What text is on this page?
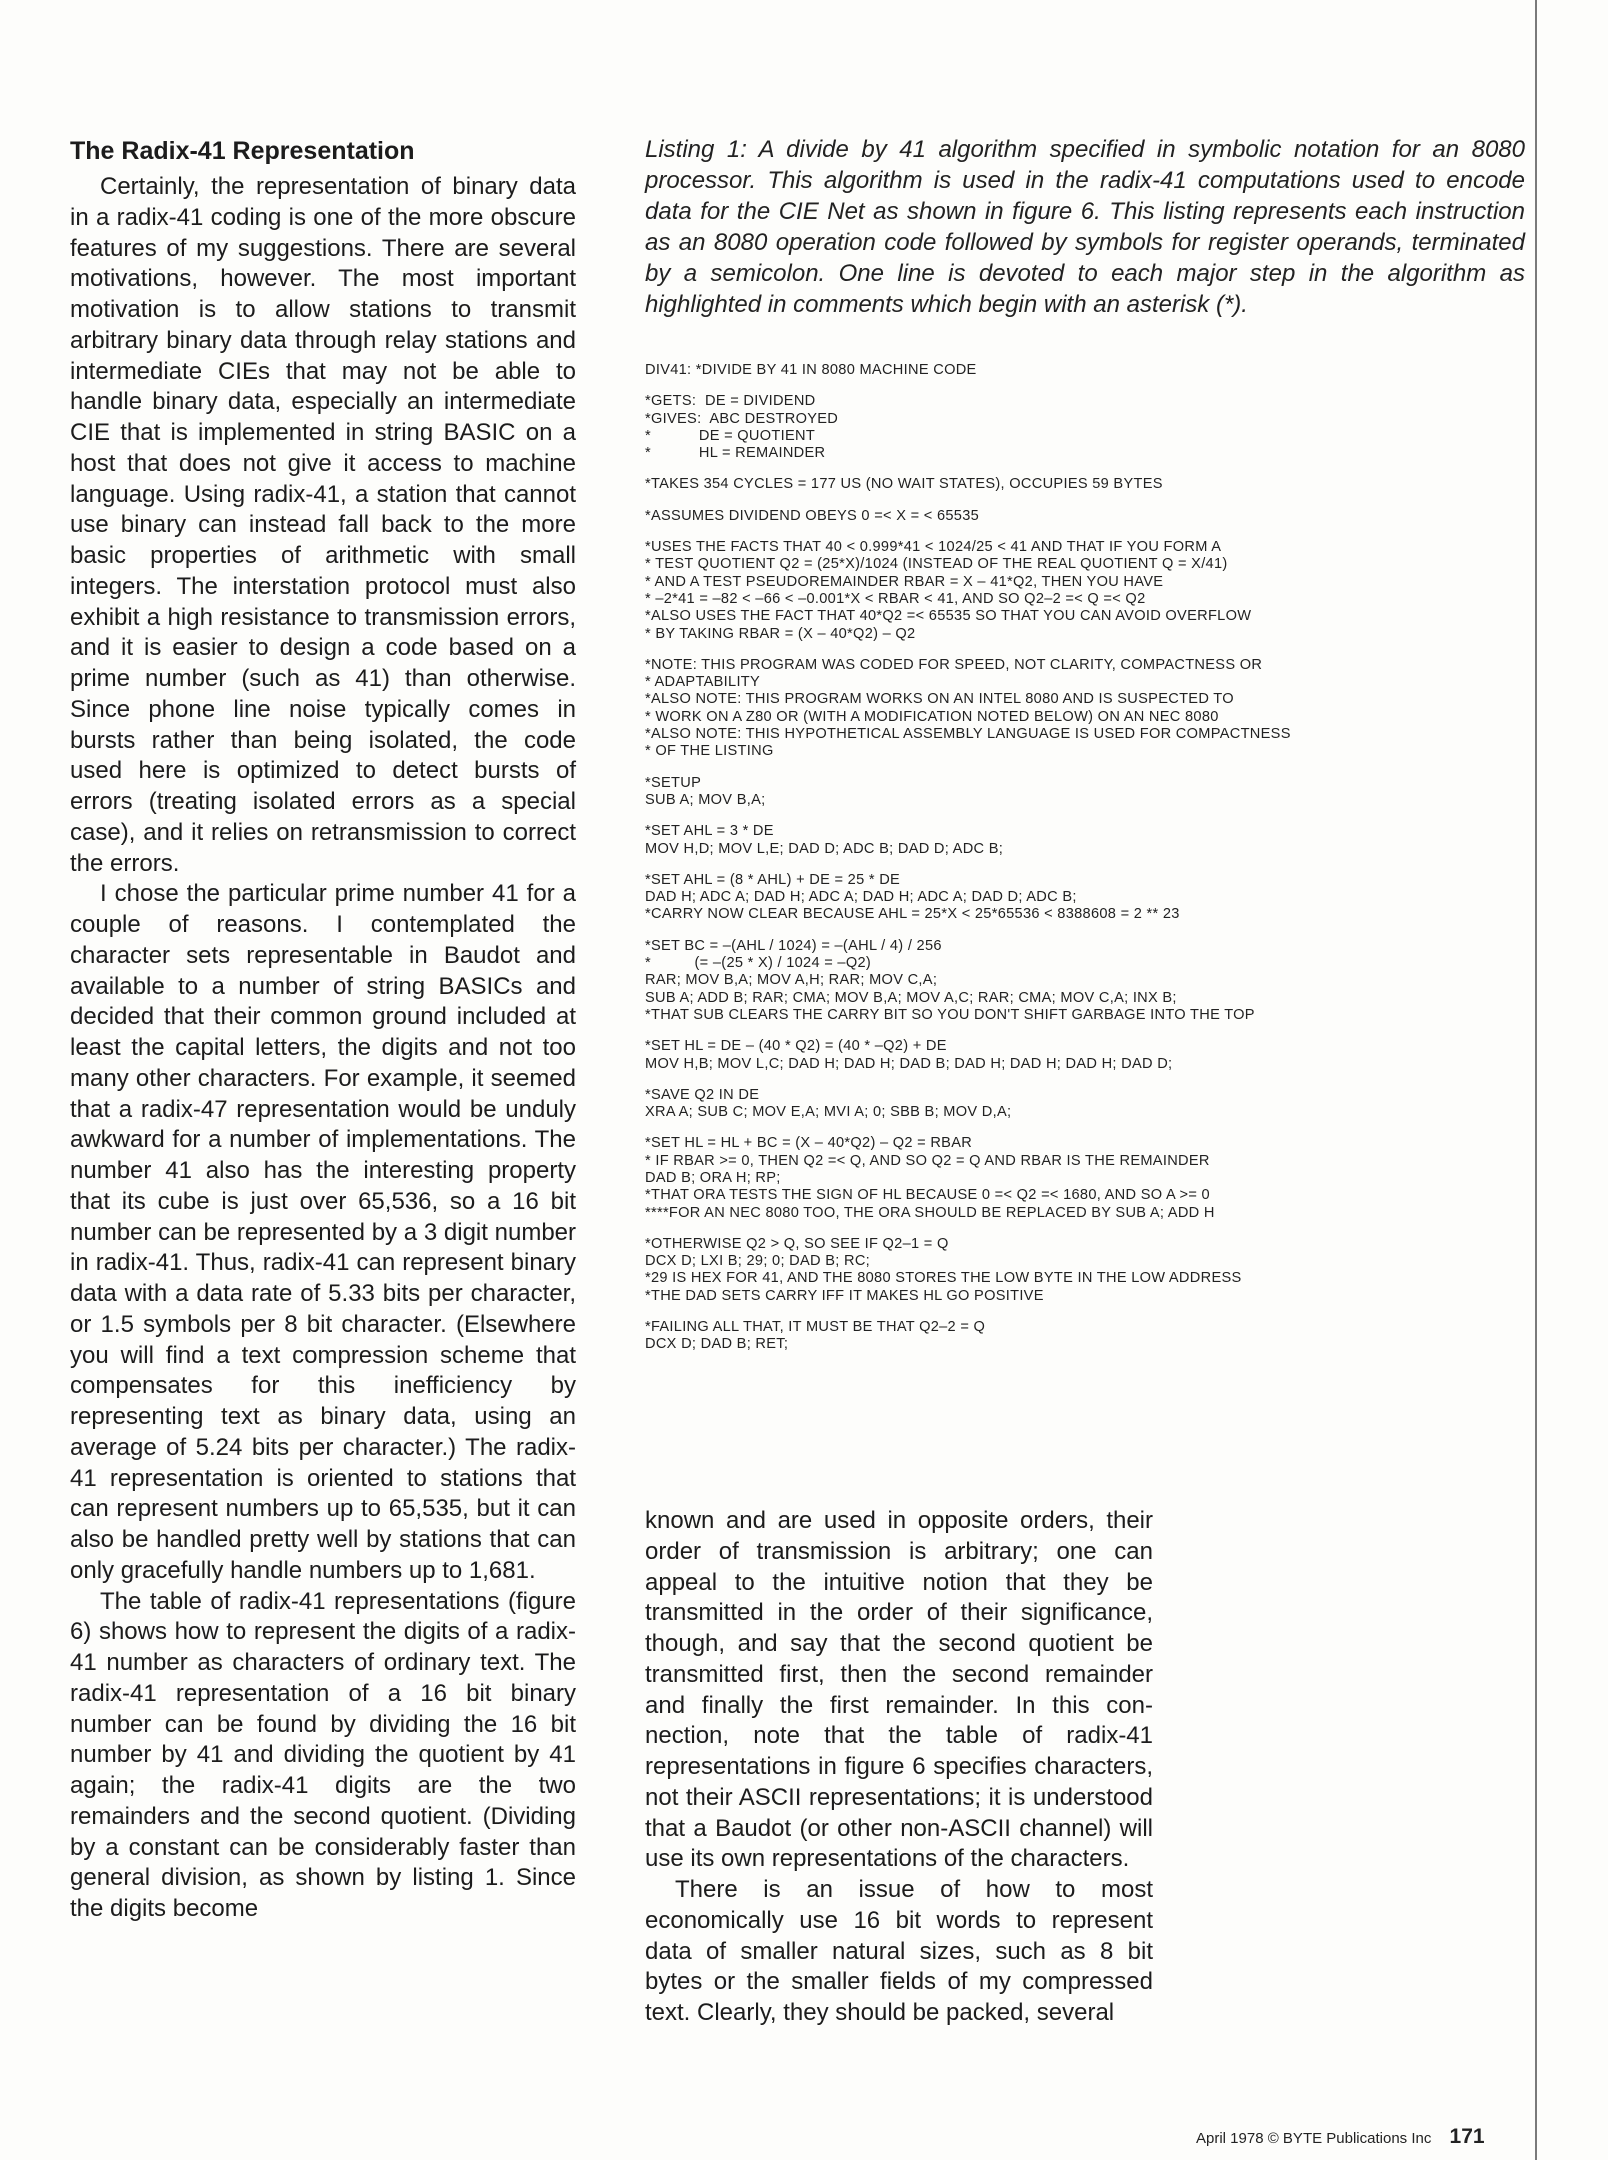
The Radix-41 Representation

Certainly, the representation of binary data in a radix-41 coding is one of the more obscure features of my suggestions. There are several motivations, however. The most important motivation is to allow stations to transmit arbitrary binary data through relay stations and intermediate CIEs that may not be able to handle binary data, especially an intermediate CIE that is implemented in string BASIC on a host that does not give it access to machine language. Using radix-41, a station that cannot use binary can instead fall back to the more basic properties of arithmetic with small integers. The interstation protocol must also exhibit a high resistance to transmission errors, and it is easier to design a code based on a prime number (such as 41) than otherwise. Since phone line noise typically comes in bursts rather than being isolated, the code used here is optimized to detect bursts of errors (treating isolated errors as a special case), and it relies on retransmission to correct the errors.

I chose the particular prime number 41 for a couple of reasons. I contemplated the character sets representable in Baudot and available to a number of string BASICs and decided that their common ground included at least the capital letters, the digits and not too many other characters. For example, it seemed that a radix-47 representation would be unduly awkward for a number of implementations. The number 41 also has the interesting property that its cube is just over 65,536, so a 16 bit number can be represented by a 3 digit number in radix-41. Thus, radix-41 can represent binary data with a data rate of 5.33 bits per character, or 1.5 symbols per 8 bit character. (Elsewhere you will find a text compression scheme that compensates for this inefficiency by representing text as binary data, using an average of 5.24 bits per character.) The radix-41 representation is oriented to stations that can represent numbers up to 65,535, but it can also be handled pretty well by stations that can only gracefully handle numbers up to 1,681.

The table of radix-41 representations (figure 6) shows how to represent the digits of a radix-41 number as characters of ordinary text. The radix-41 representation of a 16 bit binary number can be found by dividing the 16 bit number by 41 and dividing the quotient by 41 again; the radix-41 digits are the two remainders and the second quotient. (Dividing by a constant can be considerably faster than general division, as shown by listing 1. Since the digits become

Listing 1: A divide by 41 algorithm specified in symbolic notation for an 8080 processor. This algorithm is used in the radix-41 computations used to encode data for the CIE Net as shown in figure 6. This listing represents each instruction as an 8080 operation code followed by symbols for register operands, terminated by a semicolon. One line is devoted to each major step in the algorithm as highlighted in comments which begin with an asterisk (*).

DIV41: *DIVIDE BY 41 IN 8080 MACHINE CODE
*GETS:  DE = DIVIDEND
*GIVES:  ABC DESTROYED
*           DE = QUOTIENT
*           HL = REMAINDER
*TAKES 354 CYCLES = 177 US (NO WAIT STATES), OCCUPIES 59 BYTES
*ASSUMES DIVIDEND OBEYS 0 =< X = < 65535
*USES THE FACTS THAT 40 < 0.999*41 < 1024/25 < 41 AND THAT IF YOU FORM A
* TEST QUOTIENT Q2 = (25*X)/1024 (INSTEAD OF THE REAL QUOTIENT Q = X/41)
* AND A TEST PSEUDOREMAINDER RBAR = X – 41*Q2, THEN YOU HAVE
* –2*41 = –82 < –66 < –0.001*X < RBAR < 41, AND SO Q2–2 =< Q =< Q2
*ALSO USES THE FACT THAT 40*Q2 =< 65535 SO THAT YOU CAN AVOID OVERFLOW
* BY TAKING RBAR = (X – 40*Q2) – Q2
*NOTE: THIS PROGRAM WAS CODED FOR SPEED, NOT CLARITY, COMPACTNESS OR
* ADAPTABILITY
*ALSO NOTE: THIS PROGRAM WORKS ON AN INTEL 8080 AND IS SUSPECTED TO
* WORK ON A Z80 OR (WITH A MODIFICATION NOTED BELOW) ON AN NEC 8080
*ALSO NOTE: THIS HYPOTHETICAL ASSEMBLY LANGUAGE IS USED FOR COMPACTNESS
* OF THE LISTING
*SETUP
SUB A; MOV B,A;
*SET AHL = 3 * DE
MOV H,D; MOV L,E; DAD D; ADC B; DAD D; ADC B;
*SET AHL = (8 * AHL) + DE = 25 * DE
DAD H; ADC A; DAD H; ADC A; DAD H; ADC A; DAD D; ADC B;
*CARRY NOW CLEAR BECAUSE AHL = 25*X < 25*65536 < 8388608 = 2 ** 23
*SET BC = –(AHL / 1024) = –(AHL / 4) / 256
*          (= –(25 * X) / 1024 = –Q2)
RAR; MOV B,A; MOV A,H; RAR; MOV C,A;
SUB A; ADD B; RAR; CMA; MOV B,A; MOV A,C; RAR; CMA; MOV C,A; INX B;
*THAT SUB CLEARS THE CARRY BIT SO YOU DON'T SHIFT GARBAGE INTO THE TOP
*SET HL = DE – (40 * Q2) = (40 * –Q2) + DE
MOV H,B; MOV L,C; DAD H; DAD H; DAD B; DAD H; DAD H; DAD H; DAD D;
*SAVE Q2 IN DE
XRA A; SUB C; MOV E,A; MVI A; 0; SBB B; MOV D,A;
*SET HL = HL + BC = (X – 40*Q2) – Q2 = RBAR
* IF RBAR >= 0, THEN Q2 =< Q, AND SO Q2 = Q AND RBAR IS THE REMAINDER
DAD B; ORA H; RP;
*THAT ORA TESTS THE SIGN OF HL BECAUSE 0 =< Q2 =< 1680, AND SO A >= 0
****FOR AN NEC 8080 TOO, THE ORA SHOULD BE REPLACED BY SUB A; ADD H
*OTHERWISE Q2 > Q, SO SEE IF Q2–1 = Q
DCX D; LXI B; 29; 0; DAD B; RC;
*29 IS HEX FOR 41, AND THE 8080 STORES THE LOW BYTE IN THE LOW ADDRESS
*THE DAD SETS CARRY IFF IT MAKES HL GO POSITIVE
*FAILING ALL THAT, IT MUST BE THAT Q2–2 = Q
DCX D; DAD B; RET;

known and are used in opposite orders, their order of transmission is arbitrary; one can appeal to the intuitive notion that they be transmitted in the order of their significance, though, and say that the second quotient be transmitted first, then the second remainder and finally the first remainder. In this connection, note that the table of radix-41 representations in figure 6 specifies characters, not their ASCII representations; it is understood that a Baudot (or other non-ASCII channel) will use its own representations of the characters.

There is an issue of how to most economically use 16 bit words to represent data of smaller natural sizes, such as 8 bit bytes or the smaller fields of my compressed text. Clearly, they should be packed, several

April 1978 © BYTE Publications Inc 171
